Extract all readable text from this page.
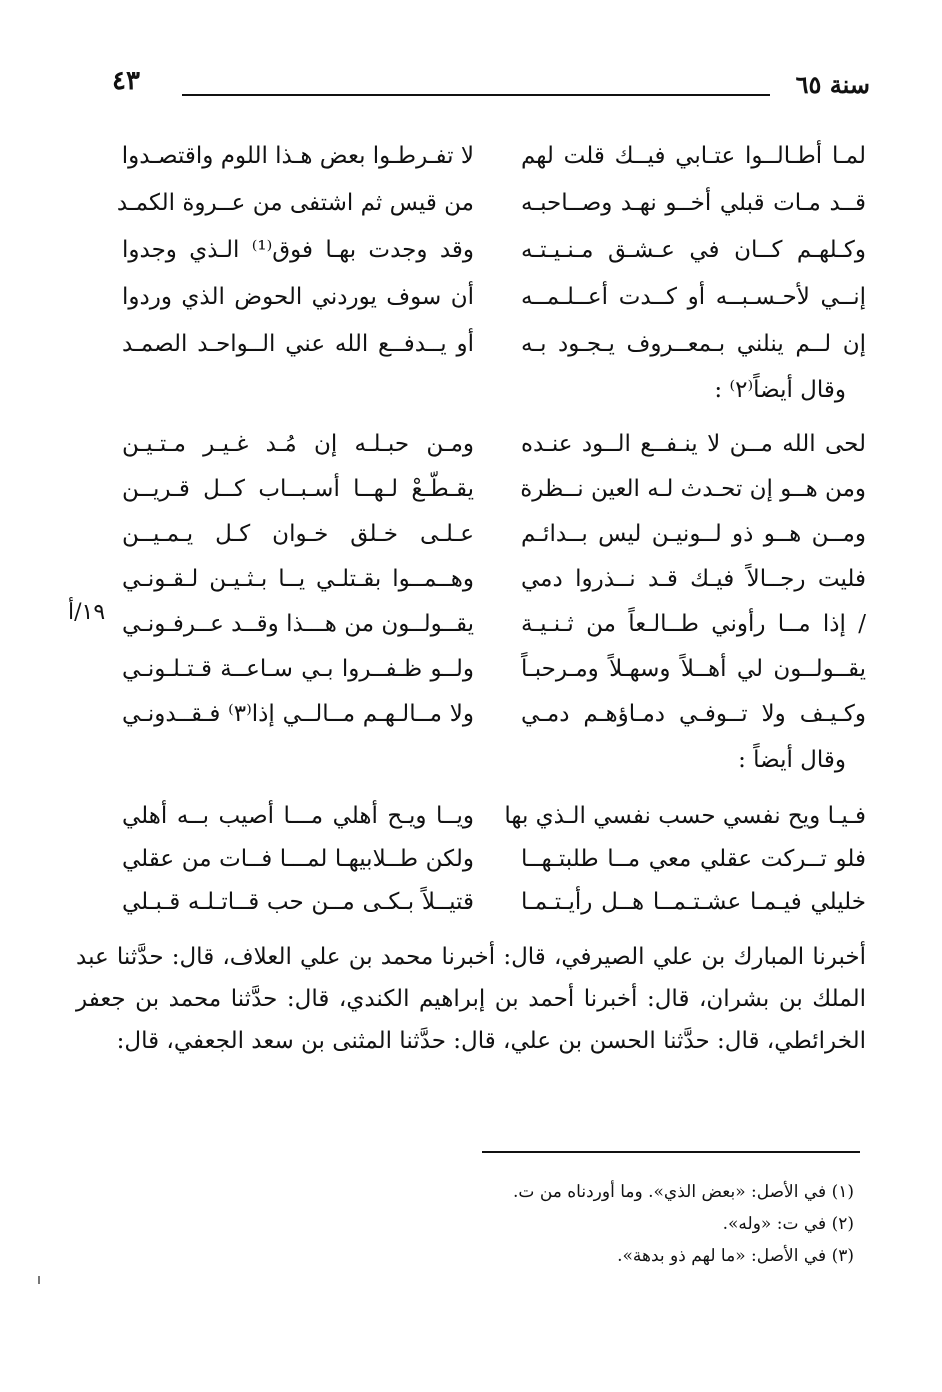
سنة ٦٥
٤٣
لمـا أطـالــوا عتـابي فيــك قلت لهم
قــد مـات قبلي أخــو نهـد وصــاحبـه
وكـلهـم كــان في عـشـق مـنـيـتـه
إنــي لأحـسـبــه أو كــدت أعــلـمــه
إن لــم ينلني بـمعــروف يـجـود بـه
لا تفـرطـوا بعض هـذا اللوم واقتصـدوا
من قيس ثم اشتفى من عــروة الكمـد
وقد وجدت بهـا فوق⁽¹⁾ الـذي وجدوا
أن سوف يوردني الحوض الذي وردوا
أو يــدفــع الله عني الــواحـد الصمـد
وقال أيضاً⁽٢⁾ :
لحى الله مــن لا ينـفــع الــود عنـده
ومن هــو إن تحـدث لـه العين نــظرة
ومــن هــو ذو لــونيـن ليس بــدائـم
فليت رجــالاً فيـك قـد نــذروا دمي
/ إذا مــا رأوني طــالـعاً من ثـنـيـة
يقــولــون لي أهــلاً وسهـلاً ومـرحبـاً
وكـيـف ولا تــوفـي دمـاؤهـم دمـي
ومـن حبـلـه إن مُـد غـيـر مـتـيـن
يقـطّـعْ لـهــا أسـبــاب كــل قـريــن
عـلـى خـلق خـوان كـل يـمـيــن
وهــمــوا بقـتلـي يــا بـثـيـن لـقـونـي
يقــولــون من هـــذا وقــد عــرفـونـي
ولــو ظـفــروا بـي سـاعــة قـتـلـونـي
ولا مــالـهـم مــالــي إذا⁽٣⁾ فـقــدونـي
١٩/أ
وقال أيضاً :
فـيـا ويح نفسي حسب نفسي الـذي بها
فلو تــركت عقلي معي مــا طلبتـهــا
خليلي فيـمـا عشـتـمــا هــل رأيـتـمـا
ويــا ويـح أهلي مـــا أصيب بــه أهلي
ولكن طــلابيهـا لمـــا فــات من عقلي
قتيــلاً بـكـى مــن حب قــاتـلـه قـبـلي

أخبرنا المبارك بن علي الصيرفي، قال: أخبرنا محمد بن علي العلاف، قال: حدَّثنا عبد الملك بن بشران، قال: أخبرنا أحمد بن إبراهيم الكندي، قال: حدَّثنا محمد بن جعفر الخرائطي، قال: حدَّثنا الحسن بن علي، قال: حدَّثنا المثنى بن سعد الجعفي، قال:

(١) في الأصل: «بعض الذي». وما أوردناه من ت.
(٢) في ت: «وله».
(٣) في الأصل: «ما لهم ذو بدهة».
